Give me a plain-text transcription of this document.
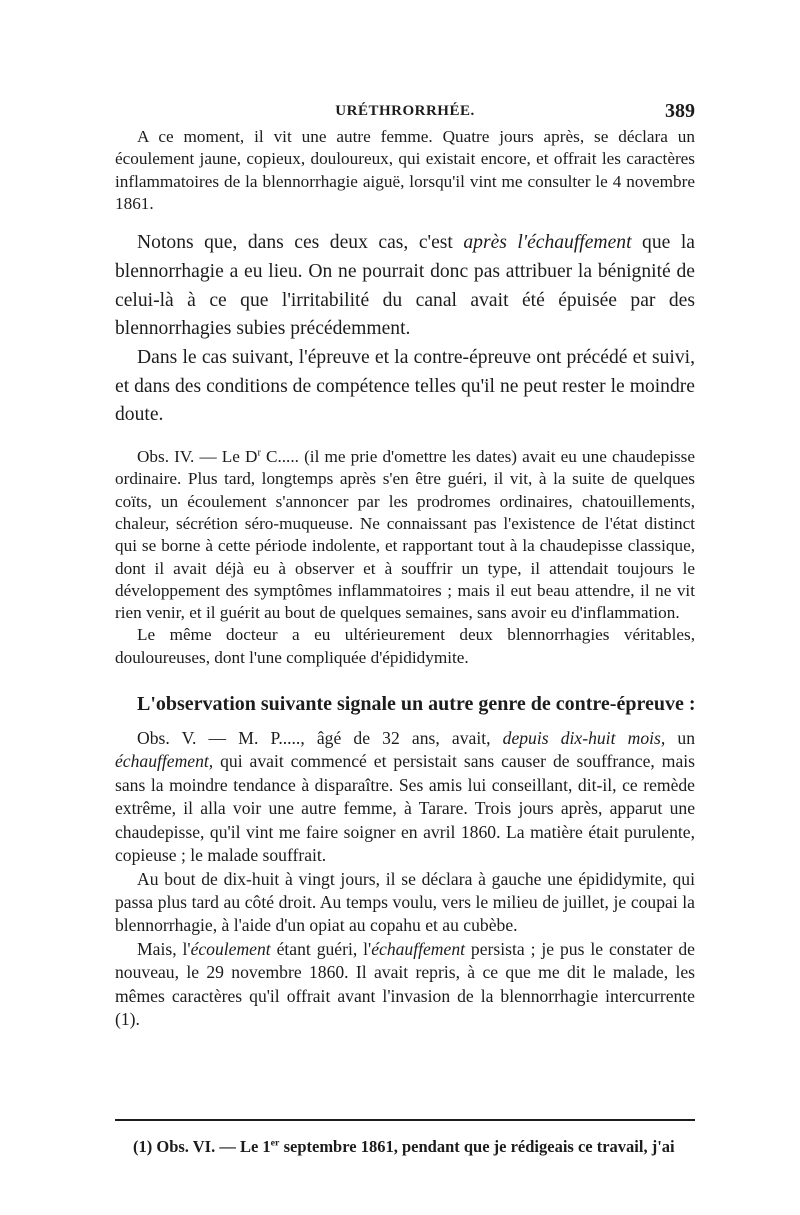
URÉTHRORRHÉE.	389

A ce moment, il vit une autre femme. Quatre jours après, se déclara un écoulement jaune, copieux, douloureux, qui existait encore, et offrait les caractères inflammatoires de la blennorrhagie aiguë, lorsqu'il vint me consulter le 4 novembre 1861.

Notons que, dans ces deux cas, c'est après l'échauffement que la blennorrhagie a eu lieu. On ne pourrait donc pas attribuer la bénignité de celui-là à ce que l'irritabilité du canal avait été épuisée par des blennorrhagies subies précédemment.

Dans le cas suivant, l'épreuve et la contre-épreuve ont précédé et suivi, et dans des conditions de compétence telles qu'il ne peut rester le moindre doute.

Obs. IV. — Le $D^r$ C..... (il me prie d'omettre les dates) avait eu une chaudepisse ordinaire. Plus tard, longtemps après s'en être guéri, il vit, à la suite de quelques coïts, un écoulement s'annoncer par les prodromes ordinaires, chatouillements, chaleur, sécrétion séro-muqueuse. Ne connaissant pas l'existence de l'état distinct qui se borne à cette période indolente, et rapportant tout à la chaudepisse classique, dont il avait déjà eu à observer et à souffrir un type, il attendait toujours le développement des symptômes inflammatoires ; mais il eut beau attendre, il ne vit rien venir, et il guérit au bout de quelques semaines, sans avoir eu d'inflammation.

Le même docteur a eu ultérieurement deux blennorrhagies véritables, douloureuses, dont l'une compliquée d'épididymite.

L'observation suivante signale un autre genre de contre-épreuve :

Obs. V. — M. P....., âgé de 32 ans, avait, depuis dix-huit mois, un échauffement, qui avait commencé et persistait sans causer de souffrance, mais sans la moindre tendance à disparaître. Ses amis lui conseillant, dit-il, ce remède extrême, il alla voir une autre femme, à Tarare. Trois jours après, apparut une chaudepisse, qu'il vint me faire soigner en avril 1860. La matière était purulente, copieuse ; le malade souffrait.

Au bout de dix-huit à vingt jours, il se déclara à gauche une épididymite, qui passa plus tard au côté droit. Au temps voulu, vers le milieu de juillet, je coupai la blennorrhagie, à l'aide d'un opiat au copahu et au cubèbe.

Mais, l'écoulement étant guéri, l'échauffement persista ; je pus le constater de nouveau, le 29 novembre 1860. Il avait repris, à ce que me dit le malade, les mêmes caractères qu'il offrait avant l'invasion de la blennorrhagie intercurrente (1).

(1) Obs. VI. — Le 1er septembre 1861, pendant que je rédigeais ce travail, j'ai
